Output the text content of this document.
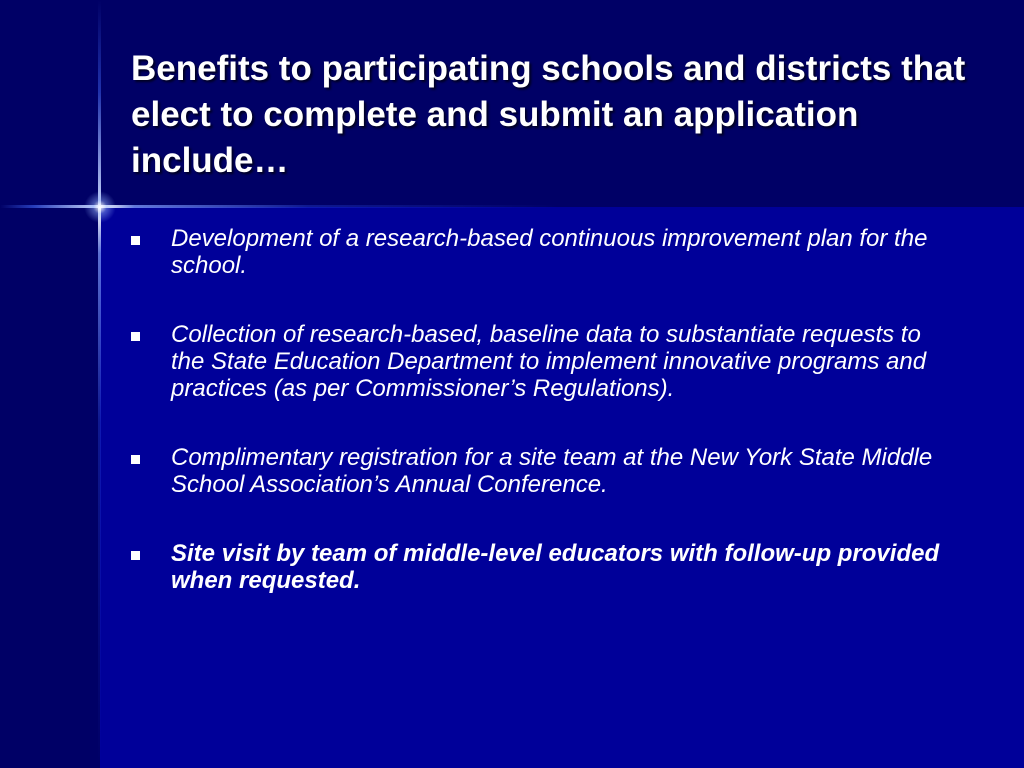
Benefits to participating schools and districts that elect to complete and submit an application include…
Development of a research-based continuous improvement plan for the school.
Collection of research-based, baseline data to substantiate requests to the State Education Department to implement innovative programs and practices (as per Commissioner’s Regulations).
Complimentary registration for a site team at the New York State Middle School Association’s Annual Conference.
Site visit by team of middle-level educators with follow-up provided when requested.
